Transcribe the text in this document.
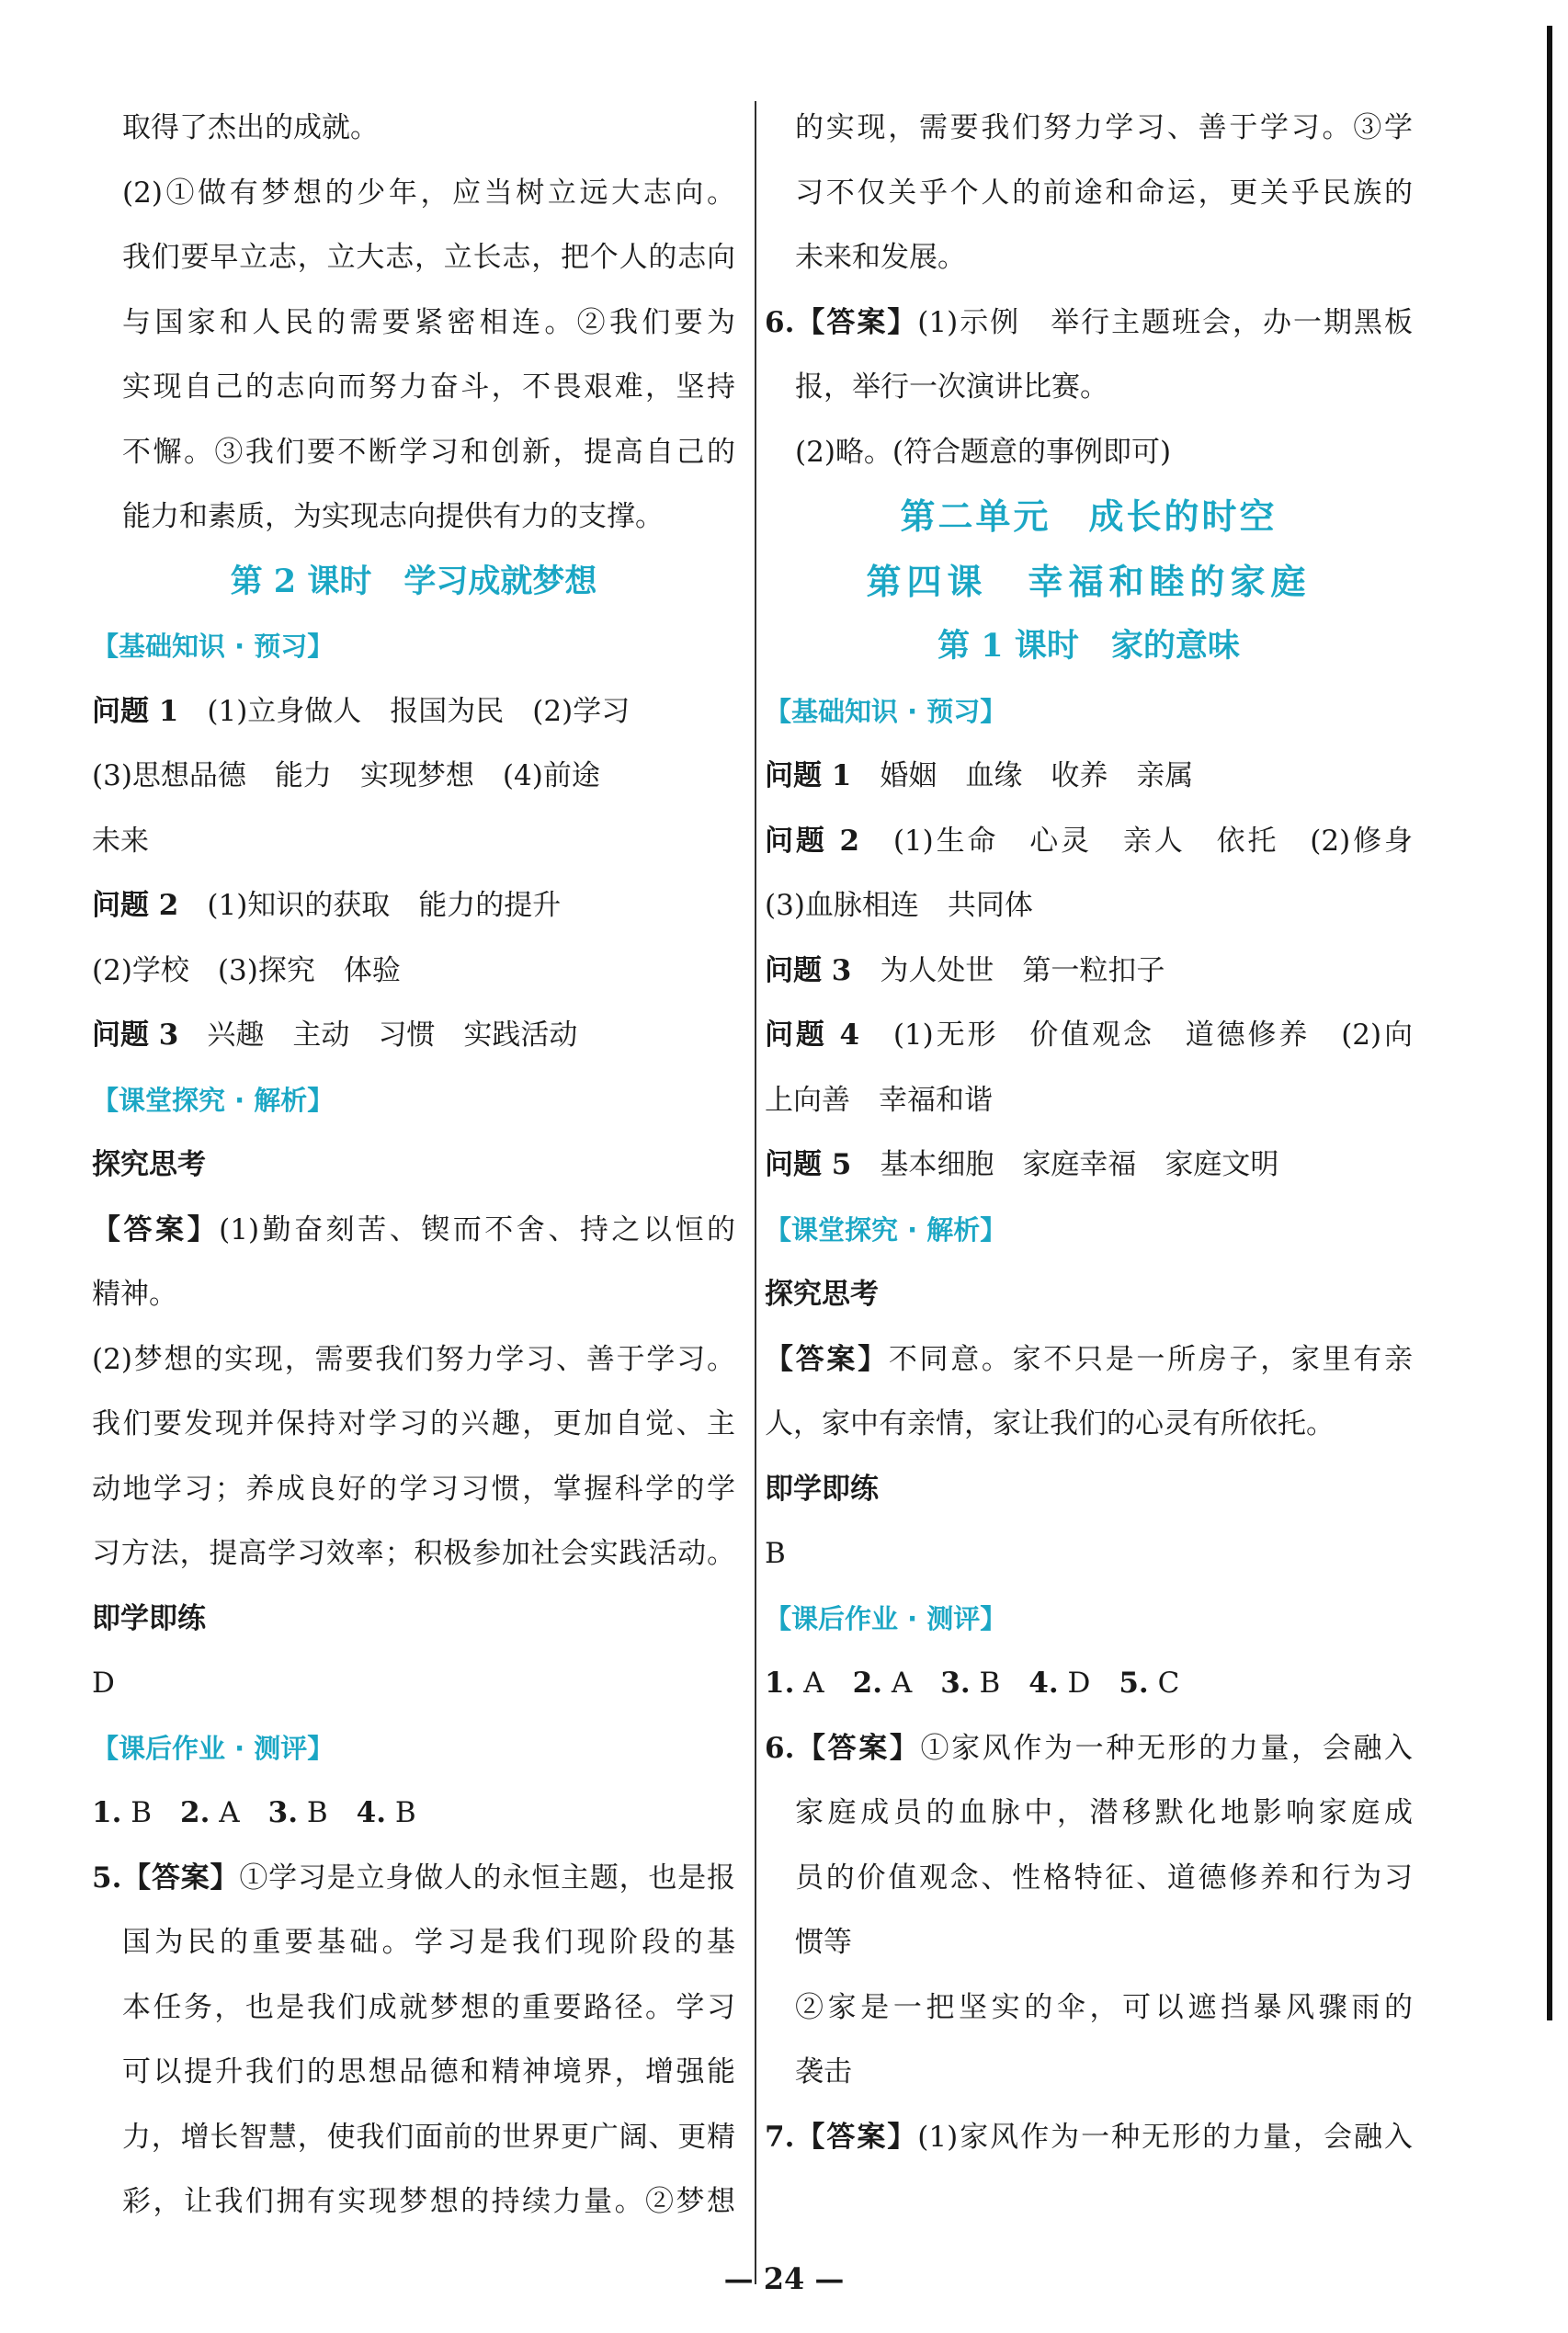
取得了杰出的成就。
(2)①做有梦想的少年，应当树立远大志向。
我们要早立志，立大志，立长志，把个人的志向
与国家和人民的需要紧密相连。②我们要为
实现自己的志向而努力奋斗，不畏艰难，坚持
不懈。③我们要不断学习和创新，提高自己的
能力和素质，为实现志向提供有力的支撑。
第 2 课时　学习成就梦想
【基础知识 · 预习】
问题 1　(1)立身做人　报国为民　(2)学习
(3)思想品德　能力　实现梦想　(4)前途
未来
问题 2　(1)知识的获取　能力的提升
(2)学校　(3)探究　体验
问题 3　兴趣　主动　习惯　实践活动
【课堂探究 · 解析】
探究思考
【答案】(1)勤奋刻苦、锲而不舍、持之以恒的
精神。
(2)梦想的实现，需要我们努力学习、善于学习。
我们要发现并保持对学习的兴趣，更加自觉、主
动地学习；养成良好的学习习惯，掌握科学的学
习方法，提高学习效率；积极参加社会实践活动。
即学即练
D
【课后作业 · 测评】
1. B　 2. A　 3. B　 4. B
5.【答案】①学习是立身做人的永恒主题，也是报
国为民的重要基础。学习是我们现阶段的基
本任务，也是我们成就梦想的重要路径。学习
可以提升我们的思想品德和精神境界，增强能
力，增长智慧，使我们面前的世界更广阔、更精
彩，让我们拥有实现梦想的持续力量。②梦想
的实现，需要我们努力学习、善于学习。③学
习不仅关乎个人的前途和命运，更关乎民族的
未来和发展。
6.【答案】(1)示例　举行主题班会，办一期黑板
报，举行一次演讲比赛。
(2)略。(符合题意的事例即可)
第二单元　成长的时空
第四课　幸福和睦的家庭
第 1 课时　家的意味
【基础知识 · 预习】
问题 1　婚姻　血缘　收养　亲属
问题 2　(1)生命　心灵　亲人　依托　(2)修身
(3)血脉相连　共同体
问题 3　为人处世　第一粒扣子
问题 4　(1)无形　价值观念　道德修养　(2)向
上向善　幸福和谐
问题 5　基本细胞　家庭幸福　家庭文明
【课堂探究 · 解析】
探究思考
【答案】不同意。家不只是一所房子，家里有亲
人，家中有亲情，家让我们的心灵有所依托。
即学即练
B
【课后作业 · 测评】
1. A　 2. A　 3. B　 4. D　 5. C
6.【答案】①家风作为一种无形的力量，会融入
家庭成员的血脉中，潜移默化地影响家庭成
员的价值观念、性格特征、道德修养和行为习
惯等
②家是一把坚实的伞，可以遮挡暴风骤雨的
袭击
7.【答案】(1)家风作为一种无形的力量，会融入
— 24 —
